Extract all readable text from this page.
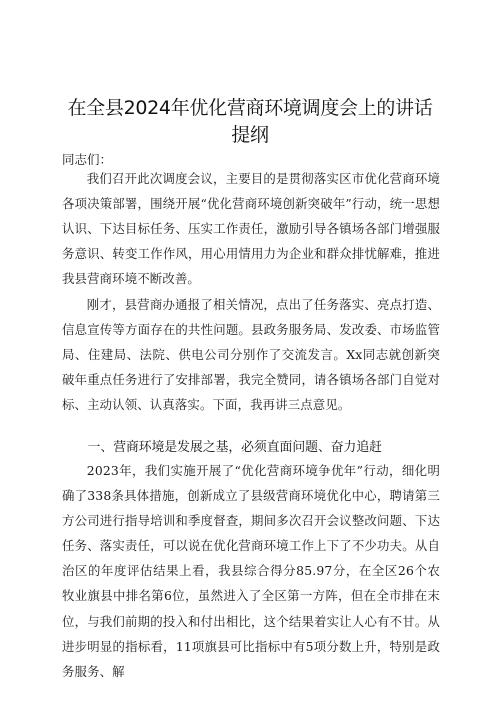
在全县2024年优化营商环境调度会上的讲话
提纲
同志们：

我们召开此次调度会议，主要目的是贯彻落实区市优化营商环境各项决策部署，围绕开展“优化营商环境创新突破年”行动，统一思想认识、下达目标任务、压实工作责任，激励引导各镇场各部门增强服务意识、转变工作作风，用心用情用力为企业和群众排忧解难，推进我县营商环境不断改善。

刚才，县营商办通报了相关情况，点出了任务落实、亮点打造、信息宣传等方面存在的共性问题。县政务服务局、发改委、市场监管局、住建局、法院、供电公司分别作了交流发言。Xx同志就创新突破年重点任务进行了安排部署，我完全赞同，请各镇场各部门自觉对标、主动认领、认真落实。下面，我再讲三点意见。

一、营商环境是发展之基，必须直面问题、奋力追赶

2023年，我们实施开展了“优化营商环境争优年”行动，细化明确了338条具体措施，创新成立了县级营商环境优化中心，聘请第三方公司进行指导培训和季度督查，期间多次召开会议整改问题、下达任务、落实责任，可以说在优化营商环境工作上下了不少功夫。从自治区的年度评估结果上看，我县综合得分85.97分，在全区26个农牧业旗县中排名第6位，虽然进入了全区第一方阵，但在全市排在末位，与我们前期的投入和付出相比，这个结果着实让人心有不甘。从进步明显的指标看，11项旗县可比指标中有5项分数上升，特别是政务服务、解
